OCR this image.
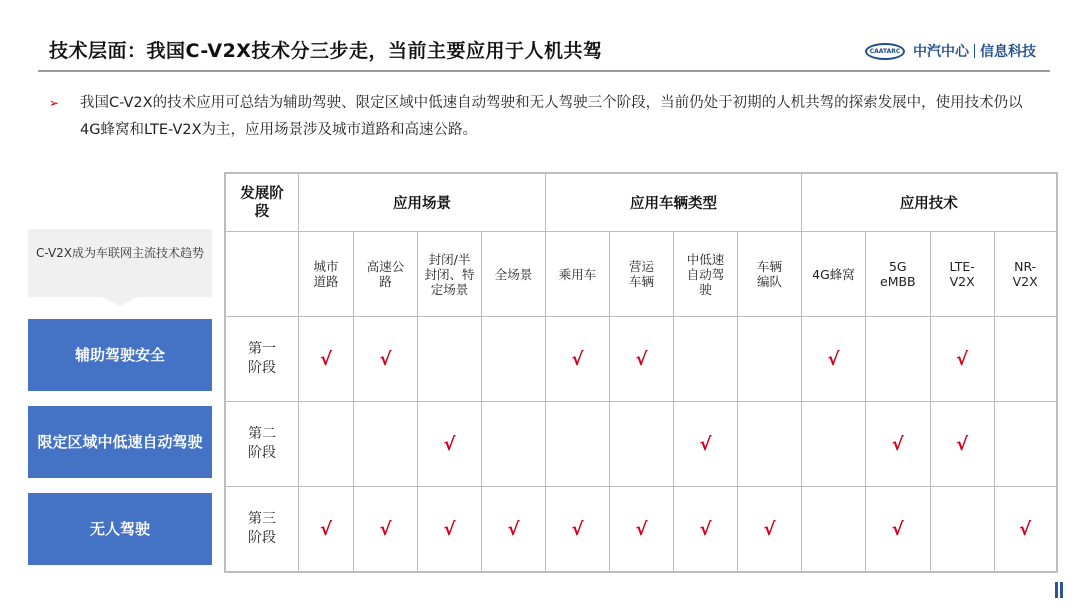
技术层面：我国C-V2X技术分三步走，当前主要应用于人机共驾	CAATARC 中汽中心 信息科技
➢ 我国C-V2X的技术应用可总结为辅助驾驶、限定区域中低速自动驾驶和无人驾驶三个阶段，当前仍处于初期的人机共驾的探索发展中，使用技术仍以4G蜂窝和LTE-V2X为主，应用场景涉及城市道路和高速公路。
C-V2X成为车联网主流技术趋势
辅助驾驶安全
限定区域中低速自动驾驶
无人驾驶
发展阶段	应用场景				应用车辆类型				应用技术			
	城市道路	高速公路	封闭/半封闭、特定场景	全场景	乘用车	营运车辆	中低速自动驾驶	车辆编队	4G蜂窝	5G eMBB	LTE-V2X	NR-V2X
第一阶段	√	√			√	√			√		√	
第二阶段			√				√			√	√	
第三阶段	√	√	√	√	√	√	√	√		√		√
